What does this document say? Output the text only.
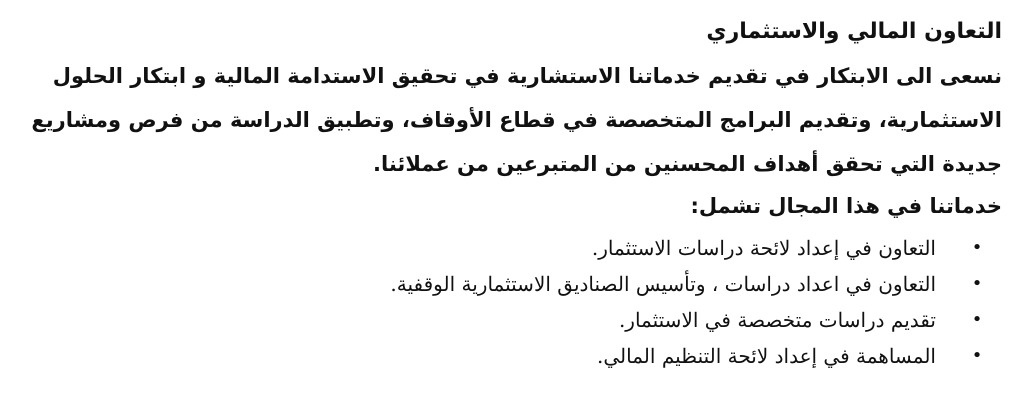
التعاون المالي والاستثماري

نسعى الى الابتكار في تقديم خدماتنا الاستشارية في تحقيق الاستدامة المالية و ابتكار الحلول
الاستثمارية، وتقديم البرامج المتخصصة في قطاع الأوقاف، وتطبيق الدراسة من فرص ومشاريع
جديدة التي تحقق أهداف المحسنين من المتبرعين من عملائنا.

خدماتنا في هذا المجال تشمل:
•
التعاون في إعداد لائحة دراسات الاستثمار.
•
التعاون في اعداد دراسات ، وتأسيس الصناديق الاستثمارية الوقفية.
•
تقديم دراسات متخصصة في الاستثمار.
•
المساهمة في إعداد لائحة التنظيم المالي.
